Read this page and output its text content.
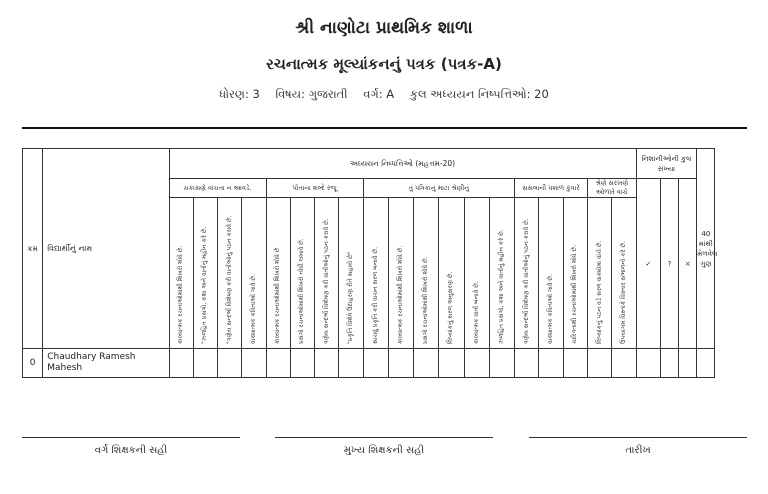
શ્રી નાણોટા પ્રાથમિક શાળા
રચનાત્મક મૂલ્યાંકનનું પત્રક (પત્રક-A)
ધોરણ: 3 વિષય: ગુજરાતી વર્ગ: A કુલ અધ્યયન નિષ્પત્તિઓ: 20
ક્રમ	વિદ્યાર્થીનું નામ	અધ્યયન નિષ્પત્તિઓ (મહત્તમ-20)																			નિશાનીઓની કુલ સંખ્યા			40 માંથી મેળવેલ ગુણ
		ચકાસણે વાંચતા ન આવડે.				પોતાના શબ્દે રજૂ				તું પત્રિકાનું માટા શ્રેણીનું						સસલાની પશાળ કુંવારે			શ્રેણે સરખણે ઓળખે વાંચે		✓	?	×	

		કાવ્યાત્મક રચનાઓમાંથી શિખરો શોધે છે.	"ઝળહિત પ્રસંગો, કથા અને વાર્તાનું મહીન કરે છે.	"ત્રણેય સન્દર્ભો વિશેષણ કરી વાર્તાઓનું પઠન કરાવે છે.	વાક્યાત્મક કવિતાઓ ગાવે છે.	કાવ્યાત્મક રચનાઓમાંથી શિખરો શોધે છે	પ્રસંગો રચનાઓમાંથી શિખરો નોંધી લખાવે છે.	ત્રણેય સન્દર્ભો વિશેષણ કરી વાર્તાઓનું પઠન કરાવે છે.	"પ્રકૃતિ વિશેષે ઉદાહરણ રીતે સહાયે છે"	સાચવું પ્રકૃતિ કરી વાચન સરળ બનાવે છે.	કાવ્યાત્મક રચનાઓમાંથી શિખરો શોધે છે.	પ્રસંગો રચનાઓમાંથી શિખરો શોધે છે.	લિપ્યાંકનું સરળ અનુસરણ છે.	કાવ્યાત્મક વાર્તા બનાવે છે.	ઝળહિત પ્રસંગો, કથા અને વાર્તાનું મહીન કરે છે.	ત્રણેય સન્દર્ભો વિશેષણ કરી વાર્તાઓનું પઠન કરાવે છે.	વાક્યાત્મક કવિતાઓ ગાવે છે.	ચારિત્રતાથી રચનાઓમાંથી શિખરો શોધે છે.	લિપ્યાંકનું પઠન વડે સરળ વાક્યોમાં વાંચે છે.	ઉપયાગમ વિસ્તાંકે વિસ્તાર સંભાળનો કરે છે.				

0	Chaudhary Ramesh Mahesh																							
વર્ગ શિક્ષકની સહી	મુખ્ય શિક્ષકની સહી	તારીખ
